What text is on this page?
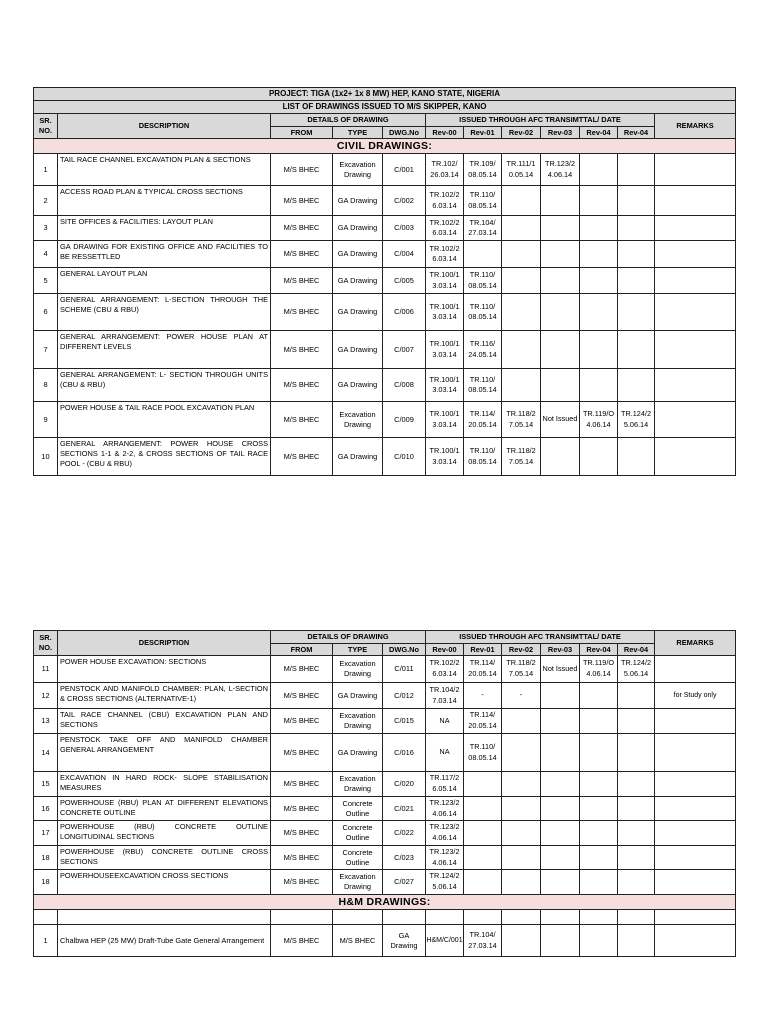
PROJECT: TIGA (1x2+ 1x 8 MW) HEP, KANO STATE, NIGERIA											
LIST OF DRAWINGS ISSUED TO M/S SKIPPER, KANO											
SR. NO.	DESCRIPTION	DETAILS OF DRAWING			ISSUED THROUGH AFC TRANSIMTTAL/ DATE						REMARKS
		FROM	TYPE	DWG.No	Rev-00	Rev-01	Rev-02	Rev-03	Rev-04	Rev-04	
CIVIL DRAWINGS:											
1	TAIL RACE CHANNEL EXCAVATION PLAN & SECTIONS	M/S BHEC	Excavation Drawing	C/001	TR.102/ 26.03.14	TR.109/ 08.05.14	TR.111/1 0.05.14	TR.123/2 4.06.14			
2	ACCESS ROAD PLAN & TYPICAL CROSS SECTIONS	M/S BHEC	GA Drawing	C/002	TR.102/2 6.03.14	TR.110/ 08.05.14					
3	SITE OFFICES & FACILITIES: LAYOUT PLAN	M/S BHEC	GA Drawing	C/003	TR.102/2 6.03.14	TR.104/ 27.03.14					
4	GA DRAWING FOR EXISTING OFFICE AND FACILITIES TO BE RESSETTLED	M/S BHEC	GA Drawing	C/004	TR.102/2 6.03.14						
5	GENERAL LAYOUT PLAN	M/S BHEC	GA Drawing	C/005	TR.100/1 3.03.14	TR.110/ 08.05.14					
6	GENERAL ARRANGEMENT: L-SECTION THROUGH THE SCHEME (CBU & RBU)	M/S BHEC	GA Drawing	C/006	TR.100/1 3.03.14	TR.110/ 08.05.14					
7	GENERAL ARRANGEMENT: POWER HOUSE PLAN AT DIFFERENT LEVELS	M/S BHEC	GA Drawing	C/007	TR.100/1 3.03.14	TR.116/ 24.05.14					
8	GENERAL ARRANGEMENT: L- SECTION THROUGH UNITS (CBU & RBU)	M/S BHEC	GA Drawing	C/008	TR.100/1 3.03.14	TR.110/ 08.05.14					
9	POWER HOUSE & TAIL RACE POOL EXCAVATION PLAN	M/S BHEC	Excavation Drawing	C/009	TR.100/1 3.03.14	TR.114/ 20.05.14	TR.118/2 7.05.14	Not Issued	TR.119/O 4.06.14	TR.124/2 5.06.14	
10	GENERAL ARRANGEMENT: POWER HOUSE CROSS SECTIONS 1-1 & 2-2, & CROSS SECTIONS OF TAIL RACE POOL - (CBU & RBU)	M/S BHEC	GA Drawing	C/010	TR.100/1 3.03.14	TR.110/ 08.05.14	TR.118/2 7.05.14				
SR. NO.	DESCRIPTION	DETAILS OF DRAWING			ISSUED THROUGH AFC TRANSIMTTAL/ DATE						REMARKS
		FROM	TYPE	DWG.No	Rev-00	Rev-01	Rev-02	Rev-03	Rev-04	Rev-04	
11	POWER HOUSE EXCAVATION: SECTIONS	M/S BHEC	Excavation Drawing	C/011	TR.102/2 6.03.14	TR.114/ 20.05.14	TR.118/2 7.05.14	Not Issued	TR.119/O 4.06.14	TR.124/2 5.06.14	
12	PENSTOCK AND MANIFOLD CHAMBER: PLAN, L-SECTION & CROSS SECTIONS (ALTERNATIVE-1)	M/S BHEC	GA Drawing	C/012	TR.104/2 7.03.14	-	-				for Study only
13	TAIL RACE CHANNEL (CBU) EXCAVATION PLAN AND SECTIONS	M/S BHEC	Excavation Drawing	C/015	NA	TR.114/ 20.05.14					
14	PENSTOCK TAKE OFF AND MANIFOLD CHAMBER GENERAL ARRANGEMENT	M/S BHEC	GA Drawing	C/016	NA	TR.110/ 08.05.14					
15	EXCAVATION IN HARD ROCK- SLOPE STABILISATION MEASURES	M/S BHEC	Excavation Drawing	C/020	TR.117/2 6.05.14						
16	POWERHOUSE (RBU) PLAN AT DIFFERENT ELEVATIONS CONCRETE OUTLINE	M/S BHEC	Concrete Outline	C/021	TR.123/2 4.06.14						
17	POWERHOUSE (RBU) CONCRETE OUTLINE LONGITUDINAL SECTIONS	M/S BHEC	Concrete Outline	C/022	TR.123/2 4.06.14						
18	POWERHOUSE (RBU) CONCRETE OUTLINE CROSS SECTIONS	M/S BHEC	Concrete Outline	C/023	TR.123/2 4.06.14						
18	POWERHOUSEEXCAVATION CROSS SECTIONS	M/S BHEC	Excavation Drawing	C/027	TR.124/2 5.06.14						
H&M DRAWINGS:											

1	Chalbwa HEP (25 MW) Draft-Tube Gate General Arrangement	M/S BHEC	M/S BHEC	GA Drawing	H&M/C/001	TR.104/ 27.03.14					
